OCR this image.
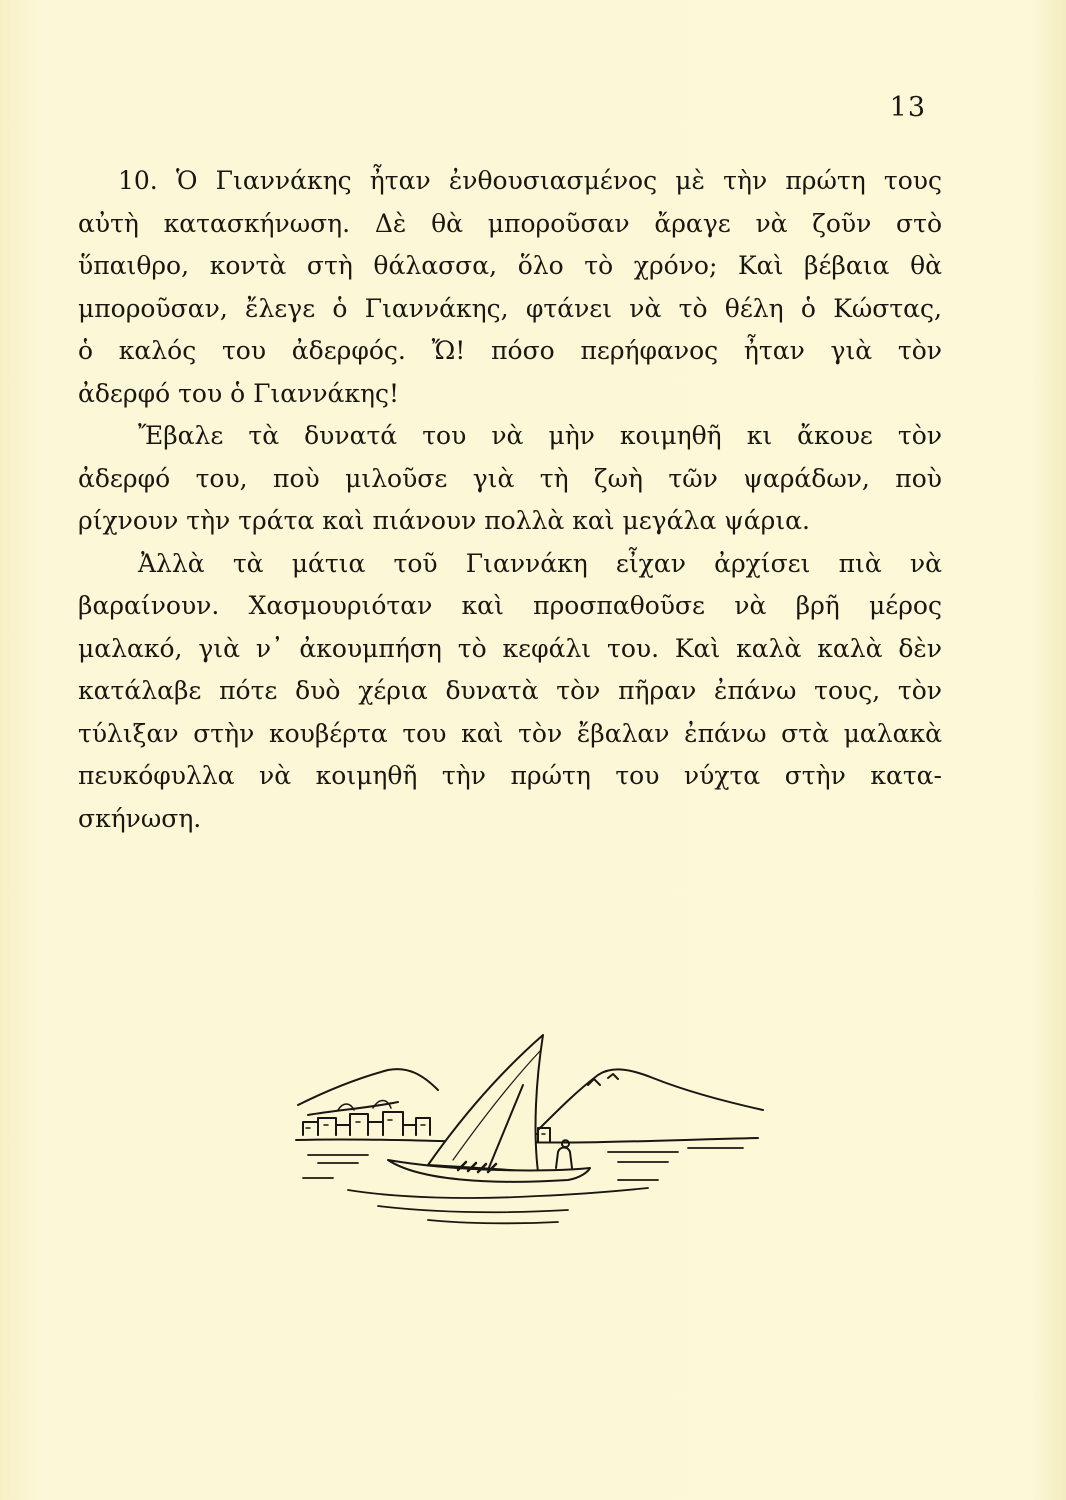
13
10. Ὁ Γιαννάκης ἦταν ἐνθουσιασμένος μὲ τὴν πρώτη τους
αὐτὴ κατασκήνωση. Δὲ θὰ μποροῦσαν ἄραγε νὰ ζοῦν στὸ
ὕπαιθρο, κοντὰ στὴ θάλασσα, ὅλο τὸ χρόνο; Καὶ βέβαια θὰ
μποροῦσαν, ἔλεγε ὁ Γιαννάκης, φτάνει νὰ τὸ θέλη ὁ Κώστας,
ὁ καλός του ἀδερφός. Ὤ! πόσο περήφανος ἦταν γιὰ τὸν
ἀδερφό του ὁ Γιαννάκης!
Ἔβαλε τὰ δυνατά του νὰ μὴν κοιμηθῆ κι ἄκουε τὸν
ἀδερφό του, ποὺ μιλοῦσε γιὰ τὴ ζωὴ τῶν ψαράδων, ποὺ
ρίχνουν τὴν τράτα καὶ πιάνουν πολλὰ καὶ μεγάλα ψάρια.
Ἀλλὰ τὰ μάτια τοῦ Γιαννάκη εἶχαν ἀρχίσει πιὰ νὰ
βαραίνουν. Χασμουριόταν καὶ προσπαθοῦσε νὰ βρῆ μέρος
μαλακό, γιὰ ν᾿ ἀκουμπήση τὸ κεφάλι του. Καὶ καλὰ καλὰ δὲν
κατάλαβε πότε δυὸ χέρια δυνατὰ τὸν πῆραν ἐπάνω τους, τὸν
τύλιξαν στὴν κουβέρτα του καὶ τὸν ἔβαλαν ἐπάνω στὰ μαλακὰ
πευκόφυλλα νὰ κοιμηθῆ τὴν πρώτη του νύχτα στὴν κατα-
σκήνωση.
